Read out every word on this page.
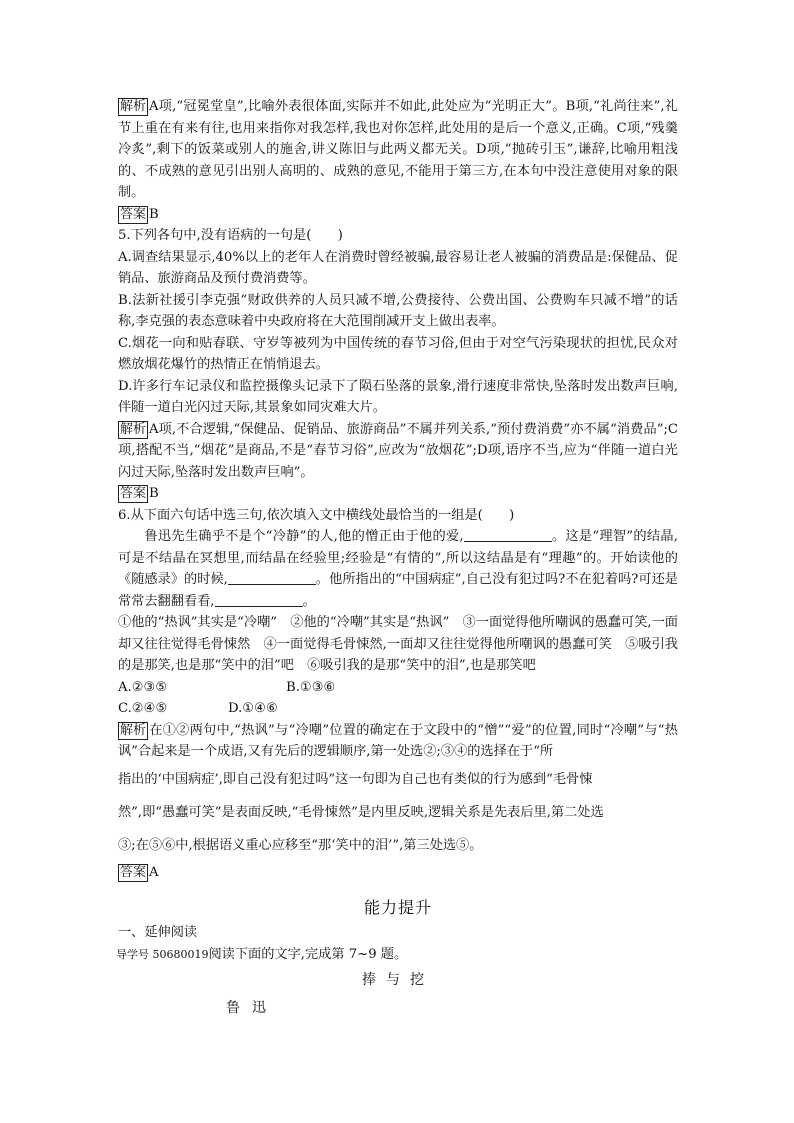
解析 A项,“冠冕堂皇”,比喻外表很体面,实际并不如此,此处应为“光明正大”。B项,“礼尚往来”,礼节上重在有来有往,也用来指你对我怎样,我也对你怎样,此处用的是后一个意义,正确。C项,“残羹冷炙”,剩下的饭菜或别人的施舍,讲义陈旧与此两义都无关。D项,“抛砖引玉”,谦辞,比喻用粗浅的、不成熟的意见引出别人高明的、成熟的意见,不能用于第三方,在本句中没注意使用对象的限制。

答案 B

5.下列各句中,没有语病的一句是(　　)

A.调查结果显示,40%以上的老年人在消费时曾经被骗,最容易让老人被骗的消费品是:保健品、促销品、旅游商品及预付费消费等。

B.法新社援引李克强“财政供养的人员只减不增,公费接待、公费出国、公费购车只减不增”的话称,李克强的表态意味着中央政府将在大范围削减开支上做出表率。

C.烟花一向和贴春联、守岁等被列为中国传统的春节习俗,但由于对空气污染现状的担忧,民众对燃放烟花爆竹的热情正在悄悄退去。

D.许多行车记录仪和监控摄像头记录下了陨石坠落的景象,滑行速度非常快,坠落时发出数声巨响,伴随一道白光闪过天际,其景象如同灾难大片。

解析 A项,不合逻辑,“保健品、促销品、旅游商品”不属并列关系,“预付费消费”亦不属“消费品”;C项,搭配不当,“烟花”是商品,不是“春节习俗”,应改为“放烟花”;D项,语序不当,应为“伴随一道白光闪过天际,坠落时发出数声巨响”。

答案 B

6.从下面六句话中选三句,依次填入文中横线处最恰当的一组是(　　)

鲁迅先生确乎不是个“冷静”的人,他的憎正由于他的爱,	。这是“理智”的结晶,可是不结晶在冥想里,而结晶在经验里;经验是“有情的”,所以这结晶是有“理趣”的。开始读他的《随感录》的时候,	。他所指出的“中国病症”,自己没有犯过吗?不在犯着吗?可还是常常去翻翻看看,	。

①他的“热讽”其实是“冷嘲”　②他的“冷嘲”其实是“热讽”　③一面觉得他所嘲讽的愚蠢可笑,一面却又往往觉得毛骨悚然　④一面觉得毛骨悚然,一面却又往往觉得他所嘲讽的愚蠢可笑　⑤吸引我的是那笑,也是那“笑中的泪”吧　⑥吸引我的是那“笑中的泪”,也是那笑吧

A.②③⑤	B.①③⑥
C.②④⑤	D.①④⑥

解析 在①②两句中,“热讽”与“冷嘲”位置的确定在于文段中的“憎”“爱”的位置,同时“冷嘲”与“热讽”合起来是一个成语,又有先后的逻辑顺序,第一处选②;③④的选择在于“所

指出的‘中国病症’,即自己没有犯过吗”这一句即为自己也有类似的行为感到“毛骨悚

然”,即“愚蠢可笑”是表面反映,“毛骨悚然”是内里反映,逻辑关系是先表后里,第二处选

③;在⑤⑥中,根据语义重心应移至“那‘笑中的泪’”,第三处选⑤。

答案 A

能力提升

一、延伸阅读

导学号 50680019阅读下面的文字,完成第 7~9 题。

捧与挖
鲁迅
